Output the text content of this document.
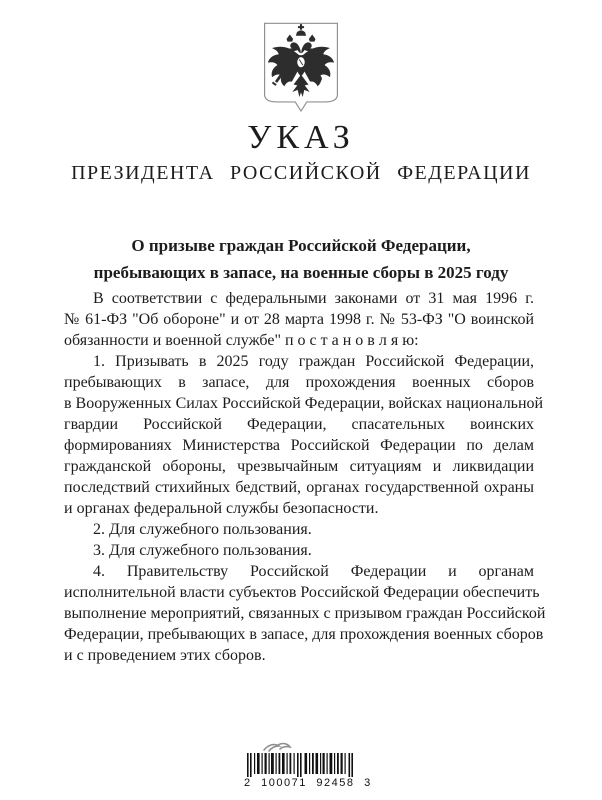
УКАЗ
ПРЕЗИДЕНТА РОССИЙСКОЙ ФЕДЕРАЦИИ
О призыве граждан Российской Федерации,
пребывающих в запасе, на военные сборы в 2025 году
В соответствии с федеральными законами от 31 мая 1996 г.
№ 61-ФЗ "Об обороне" и от 28 марта 1998 г. № 53-ФЗ "О воинской
обязанности и военной службе" п о с т а н о в л я ю:
1. Призывать в 2025 году граждан Российской Федерации,
пребывающих в запасе, для прохождения военных сборов
в Вооруженных Силах Российской Федерации, войсках национальной
гвардии Российской Федерации, спасательных воинских
формированиях Министерства Российской Федерации по делам
гражданской обороны, чрезвычайным ситуациям и ликвидации
последствий стихийных бедствий, органах государственной охраны
и органах федеральной службы безопасности.
2. Для служебного пользования.
3. Для служебного пользования.
4. Правительству Российской Федерации и органам
исполнительной власти субъектов Российской Федерации обеспечить
выполнение мероприятий, связанных с призывом граждан Российской
Федерации, пребывающих в запасе, для прохождения военных сборов
и с проведением этих сборов.
2 100071 92458 3
